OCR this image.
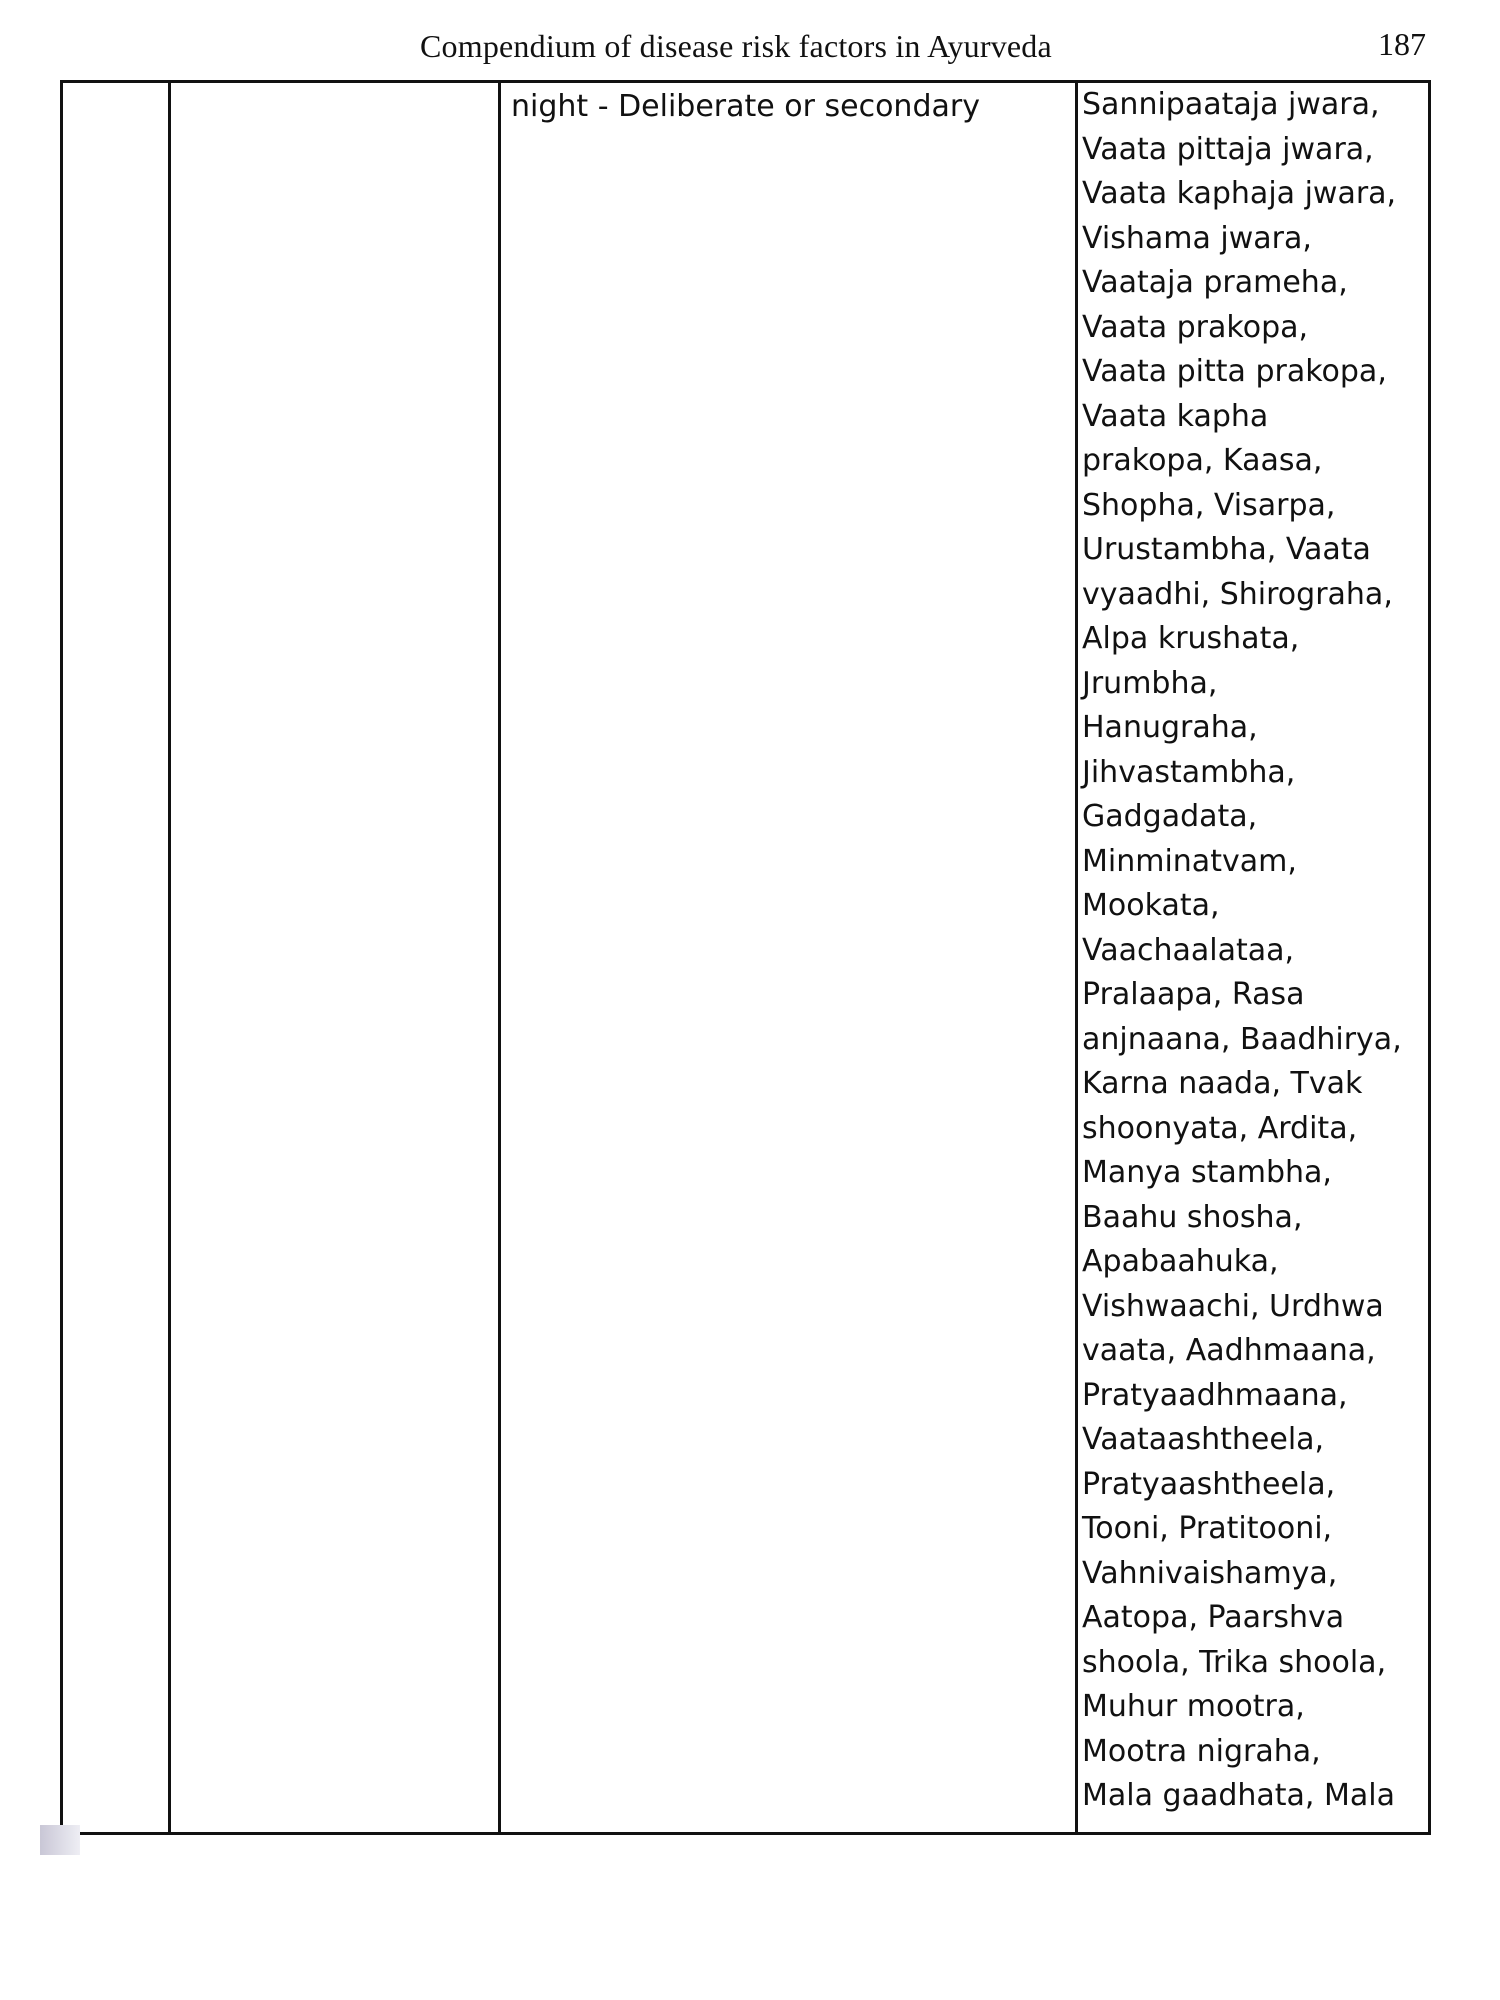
Compendium of disease risk factors in Ayurveda	187
night - Deliberate or secondary	Sannipaataja jwara,
Vaata pittaja jwara,
Vaata kaphaja jwara,
Vishama jwara,
Vaataja prameha,
Vaata prakopa,
Vaata pitta prakopa,
Vaata kapha
prakopa, Kaasa,
Shopha, Visarpa,
Urustambha, Vaata
vyaadhi, Shirograha,
Alpa krushata,
Jrumbha,
Hanugraha,
Jihvastambha,
Gadgadata,
Minminatvam,
Mookata,
Vaachaalataa,
Pralaapa, Rasa
anjnaana, Baadhirya,
Karna naada, Tvak
shoonyata, Ardita,
Manya stambha,
Baahu shosha,
Apabaahuka,
Vishwaachi, Urdhwa
vaata, Aadhmaana,
Pratyaadhmaana,
Vaataashtheela,
Pratyaashtheela,
Tooni, Pratitooni,
Vahnivaishamya,
Aatopa, Paarshva
shoola, Trika shoola,
Muhur mootra,
Mootra nigraha,
Mala gaadhata, Mala
